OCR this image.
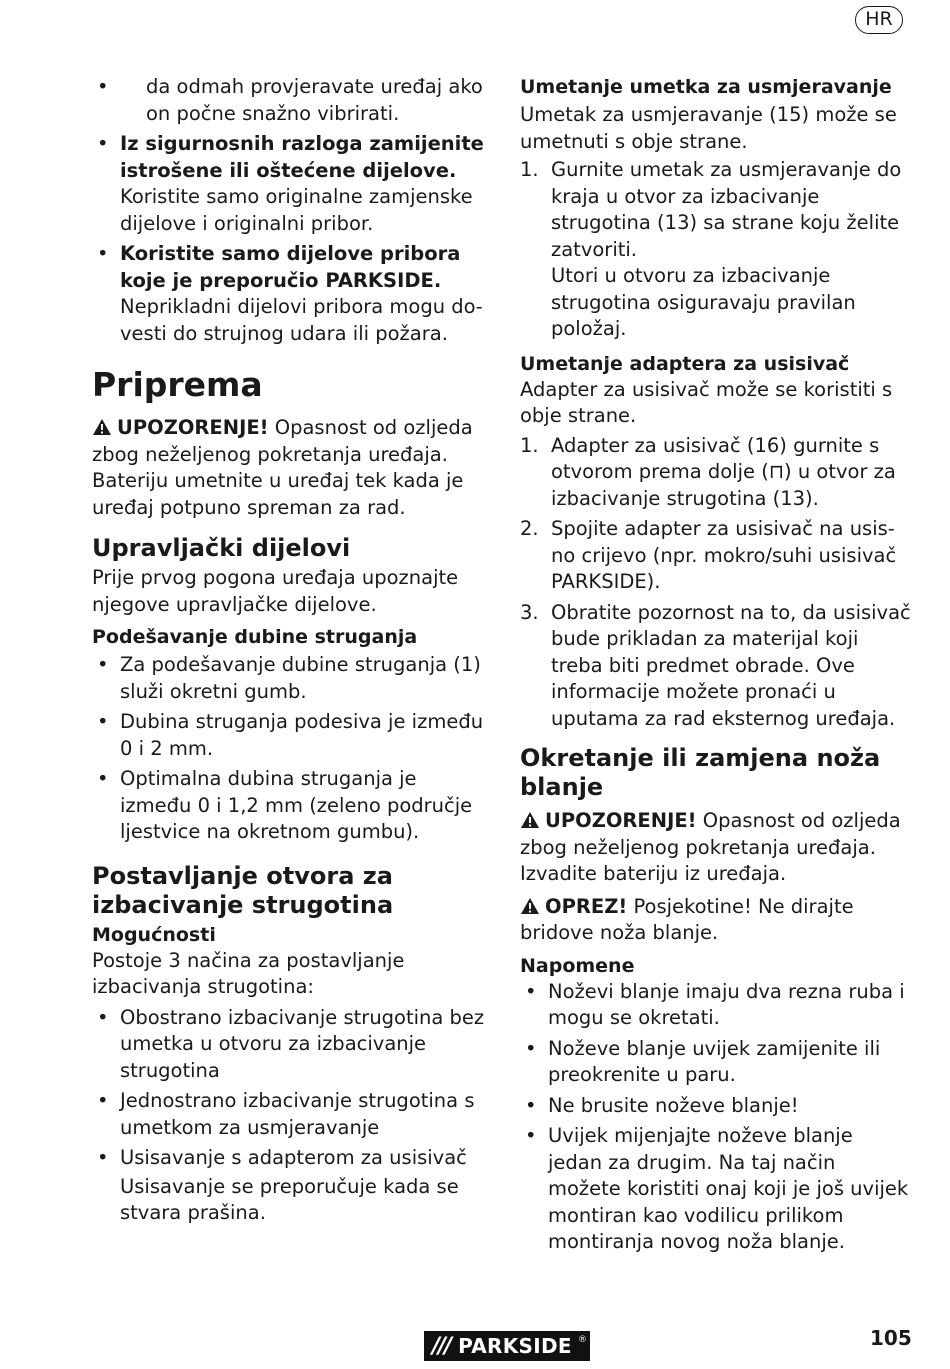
HR
• da odmah provjeravate uređaj ako on počne snažno vibrirati.
• Iz sigurnosnih razloga zamijenite istrošene ili oštećene dijelove. Koristite samo originalne zamjenske dijelove i originalni pribor.
• Koristite samo dijelove pribora koje je preporučio PARKSIDE. Neprikladni dijelovi pribora mogu dovesti do strujnog udara ili požara.
Priprema

UPOZORENJE! Opasnost od ozljeda zbog neželjenog pokretanja uređaja. Bateriju umetnite u uređaj tek kada je uređaj potpuno spreman za rad.

Upravljački dijelovi

Prije prvog pogona uređaja upoznajte njegove upravljačke dijelove.

Podešavanje dubine struganja
• Za podešavanje dubine struganja (1) služi okretni gumb.
• Dubina struganja podesiva je između 0 i 2 mm.
• Optimalna dubina struganja je između 0 i 1,2 mm (zeleno područje ljestvice na okretnom gumbu).
Postavljanje otvora za izbacivanje strugotina
Mogućnosti

Postoje 3 načina za postavljanje izbacivanja strugotina:

• Obostrano izbacivanje strugotina bez umetka u otvoru za izbacivanje strugotina
• Jednostrano izbacivanje strugotina s umetkom za usmjeravanje
• Usisavanje s adapterom za usisivač

Usisavanje se preporučuje kada se stvara prašina.

Umetanje umetka za usmjeravanje

Umetak za usmjeravanje (15) može se umetnuti s obje strane.

1. Gurnite umetak za usmjeravanje do kraja u otvor za izbacivanje strugotina (13) sa strane koju želite zatvoriti.

Utori u otvoru za izbacivanje strugotina osiguravaju pravilan položaj.

Umetanje adaptera za usisivač

Adapter za usisivač može se koristiti s obje strane.

1. Adapter za usisivač (16) gurnite s otvorom prema dolje (⊓) u otvor za izbacivanje strugotina (13).
2. Spojite adapter za usisivač na usisno crijevo (npr. mokro/suhi usisivač PARKSIDE).
3. Obratite pozornost na to, da usisivač bude prikladan za materijal koji treba biti predmet obrade. Ove informacije možete pronaći u uputama za rad eksternog uređaja.
Okretanje ili zamjena noža blanje

UPOZORENJE! Opasnost od ozljeda zbog neželjenog pokretanja uređaja. Izvadite bateriju iz uređaja.

OPREZ! Posjekotine! Ne dirajte bridove noža blanje.

Napomene
• Noževi blanje imaju dva rezna ruba i mogu se okretati.
• Noževe blanje uvijek zamijenite ili preokrenite u paru.
• Ne brusite noževe blanje!
• Uvijek mijenjajte noževe blanje jedan za drugim. Na taj način možete koristiti onaj koji je još uvijek montiran kao vodilicu prilikom montiranja novog noža blanje.
/// PARKSIDE ®	105
